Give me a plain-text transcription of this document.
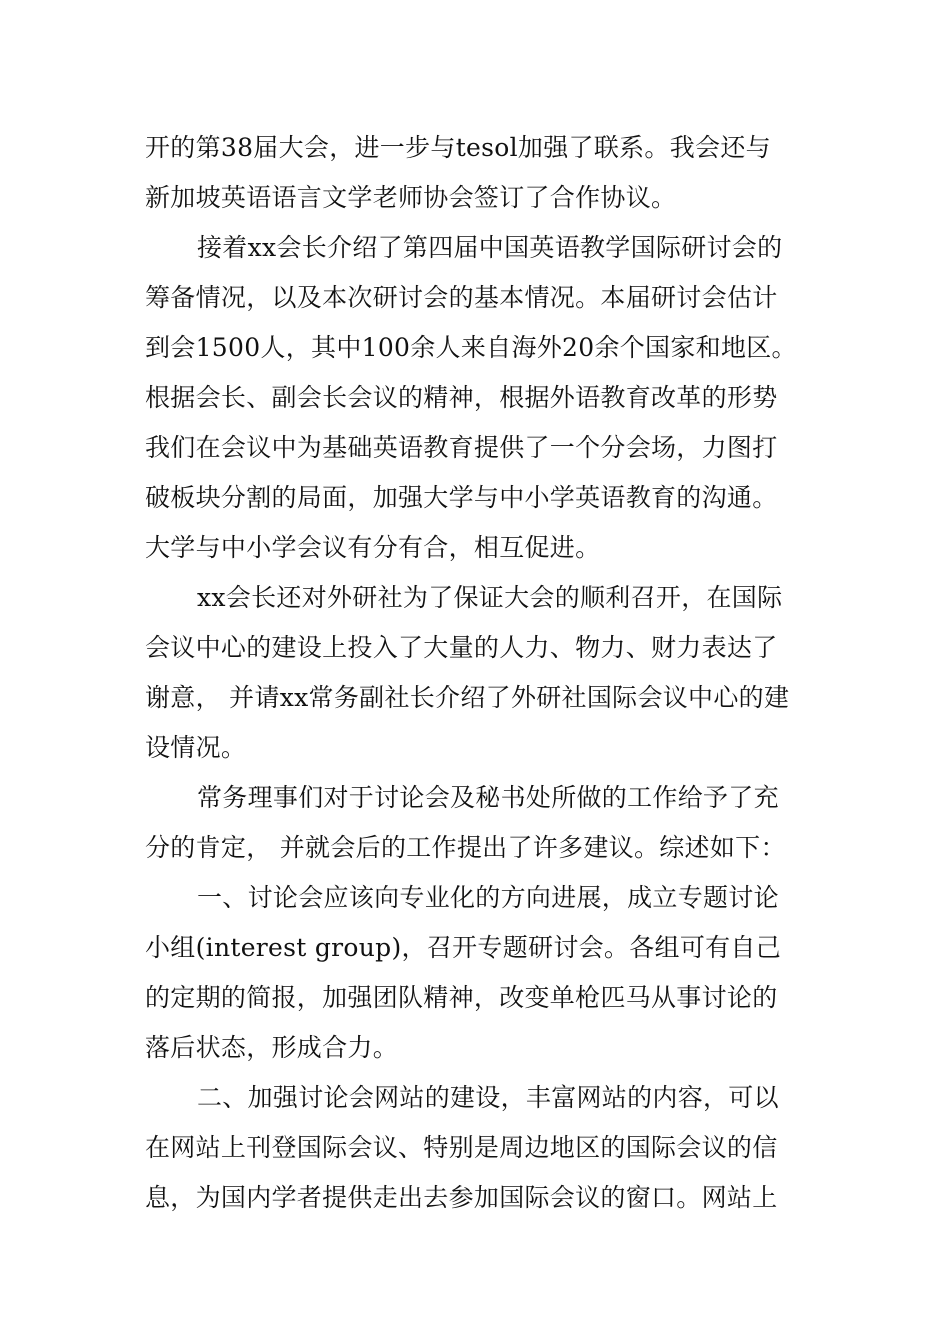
开的第38届大会，进一步与tesol加强了联系。我会还与
新加坡英语语言文学老师协会签订了合作协议。
接着xx会长介绍了第四届中国英语教学国际研讨会的
筹备情况，以及本次研讨会的基本情况。本届研讨会估计
到会1500人，其中100余人来自海外20余个国家和地区。
根据会长、副会长会议的精神，根据外语教育改革的形势
我们在会议中为基础英语教育提供了一个分会场，力图打
破板块分割的局面，加强大学与中小学英语教育的沟通。
大学与中小学会议有分有合，相互促进。
xx会长还对外研社为了保证大会的顺利召开，在国际
会议中心的建设上投入了大量的人力、物力、财力表达了
谢意， 并请xx常务副社长介绍了外研社国际会议中心的建
设情况。
常务理事们对于讨论会及秘书处所做的工作给予了充
分的肯定， 并就会后的工作提出了许多建议。综述如下：
一、讨论会应该向专业化的方向进展，成立专题讨论
小组(interest group)，召开专题研讨会。各组可有自己
的定期的简报，加强团队精神，改变单枪匹马从事讨论的
落后状态，形成合力。
二、加强讨论会网站的建设，丰富网站的内容，可以
在网站上刊登国际会议、特别是周边地区的国际会议的信
息，为国内学者提供走出去参加国际会议的窗口。网站上
